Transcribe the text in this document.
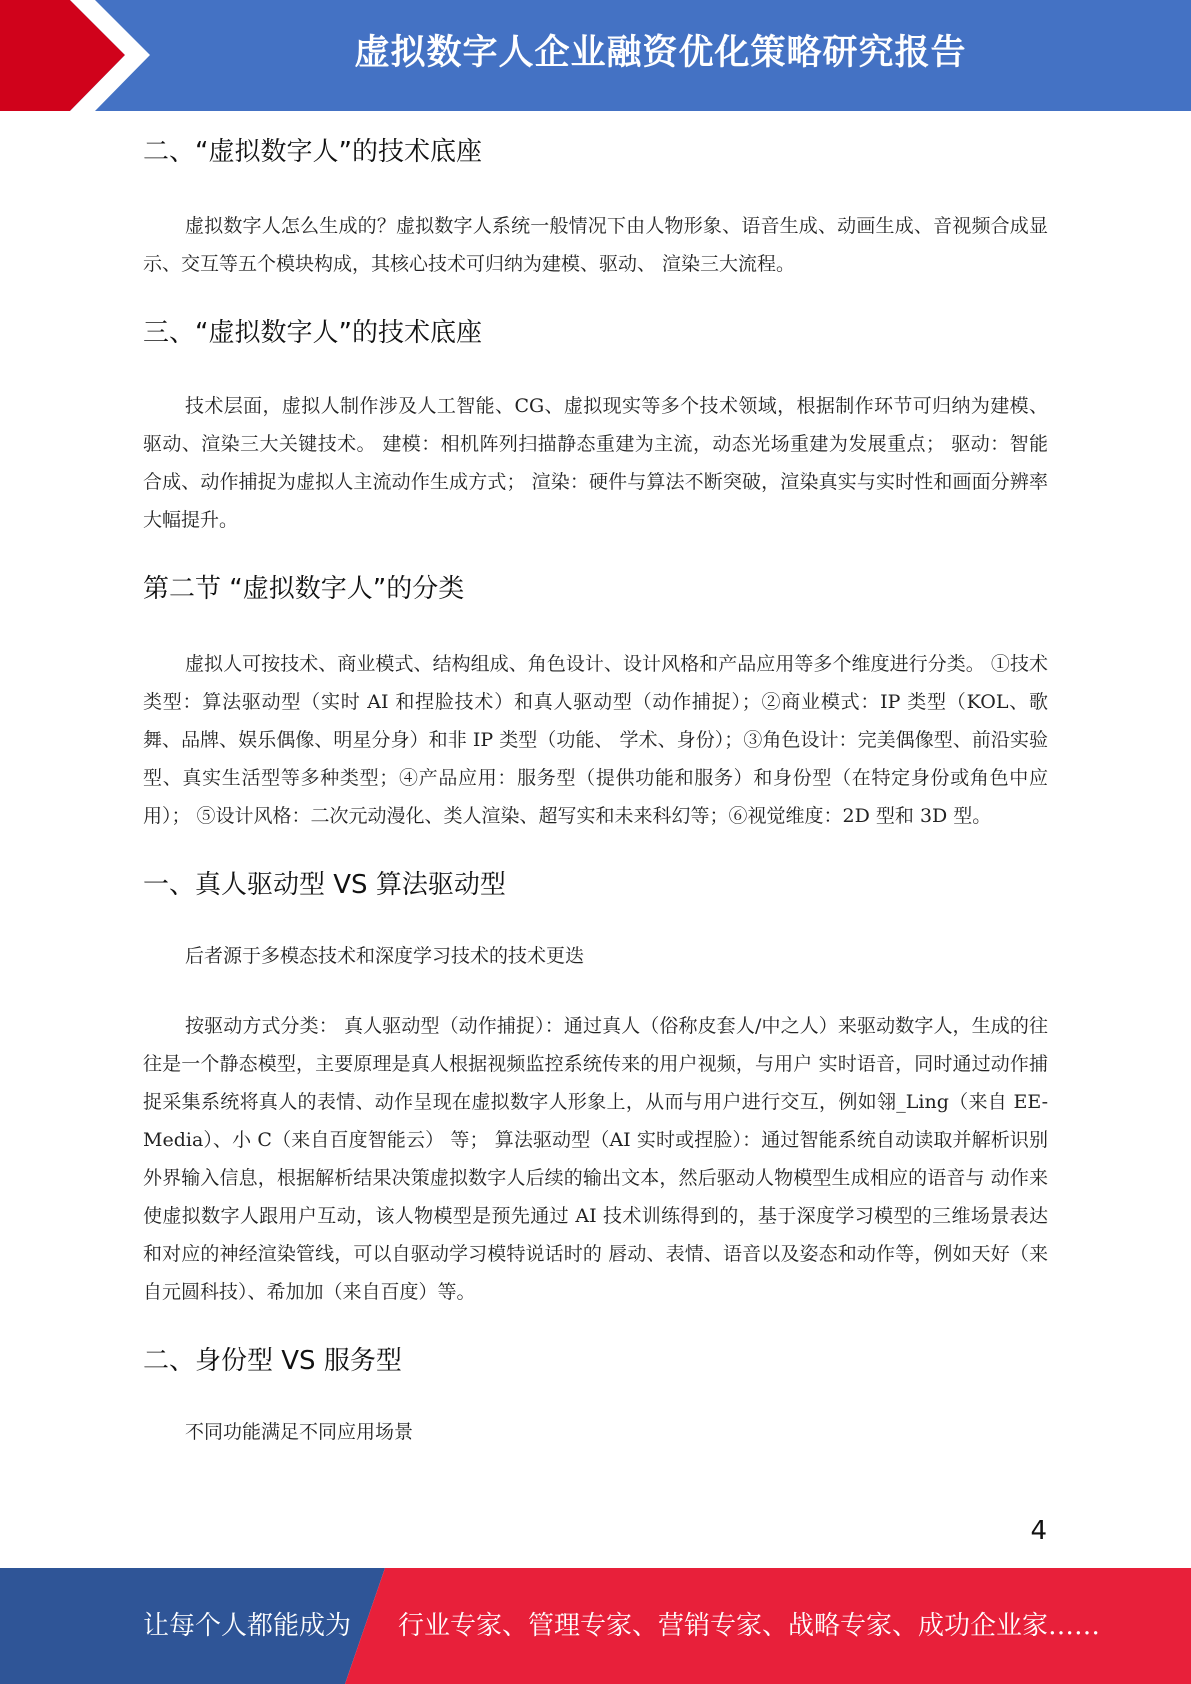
虚拟数字人企业融资优化策略研究报告
二、“虚拟数字人”的技术底座

虚拟数字人怎么生成的？虚拟数字人系统一般情况下由人物形象、语音生成、动画生成、音视频合成显示、交互等五个模块构成，其核心技术可归纳为建模、驱动、 渲染三大流程。

三、“虚拟数字人”的技术底座

技术层面，虚拟人制作涉及人工智能、CG、虚拟现实等多个技术领域，根据制作环节可归纳为建模、驱动、渲染三大关键技术。 建模：相机阵列扫描静态重建为主流，动态光场重建为发展重点； 驱动：智能合成、动作捕捉为虚拟人主流动作生成方式； 渲染：硬件与算法不断突破，渲染真实与实时性和画面分辨率大幅提升。

第二节 “虚拟数字人”的分类

虚拟人可按技术、商业模式、结构组成、角色设计、设计风格和产品应用等多个维度进行分类。 ①技术类型：算法驱动型（实时 AI 和捏脸技术）和真人驱动型（动作捕捉）；②商业模式：IP 类型（KOL、歌舞、品牌、娱乐偶像、明星分身）和非 IP 类型（功能、 学术、身份）；③角色设计：完美偶像型、前沿实验型、真实生活型等多种类型；④产品应用：服务型（提供功能和服务）和身份型（在特定身份或角色中应用）； ⑤设计风格：二次元动漫化、类人渲染、超写实和未来科幻等；⑥视觉维度：2D 型和 3D 型。

一、真人驱动型 VS 算法驱动型

后者源于多模态技术和深度学习技术的技术更迭

按驱动方式分类： 真人驱动型（动作捕捉）：通过真人（俗称皮套人/中之人）来驱动数字人，生成的往往是一个静态模型，主要原理是真人根据视频监控系统传来的用户视频，与用户 实时语音，同时通过动作捕捉采集系统将真人的表情、动作呈现在虚拟数字人形象上，从而与用户进行交互，例如翎_Ling（来自 EE-Media）、小 C（来自百度智能云） 等； 算法驱动型（AI 实时或捏脸）：通过智能系统自动读取并解析识别外界输入信息，根据解析结果决策虚拟数字人后续的输出文本，然后驱动人物模型生成相应的语音与 动作来使虚拟数字人跟用户互动，该人物模型是预先通过 AI 技术训练得到的，基于深度学习模型的三维场景表达和对应的神经渲染管线，可以自驱动学习模特说话时的 唇动、表情、语音以及姿态和动作等，例如天好（来自元圆科技）、希加加（来自百度）等。

二、身份型 VS 服务型

不同功能满足不同应用场景

4
让每个人都能成为 行业专家、管理专家、营销专家、战略专家、成功企业家……
